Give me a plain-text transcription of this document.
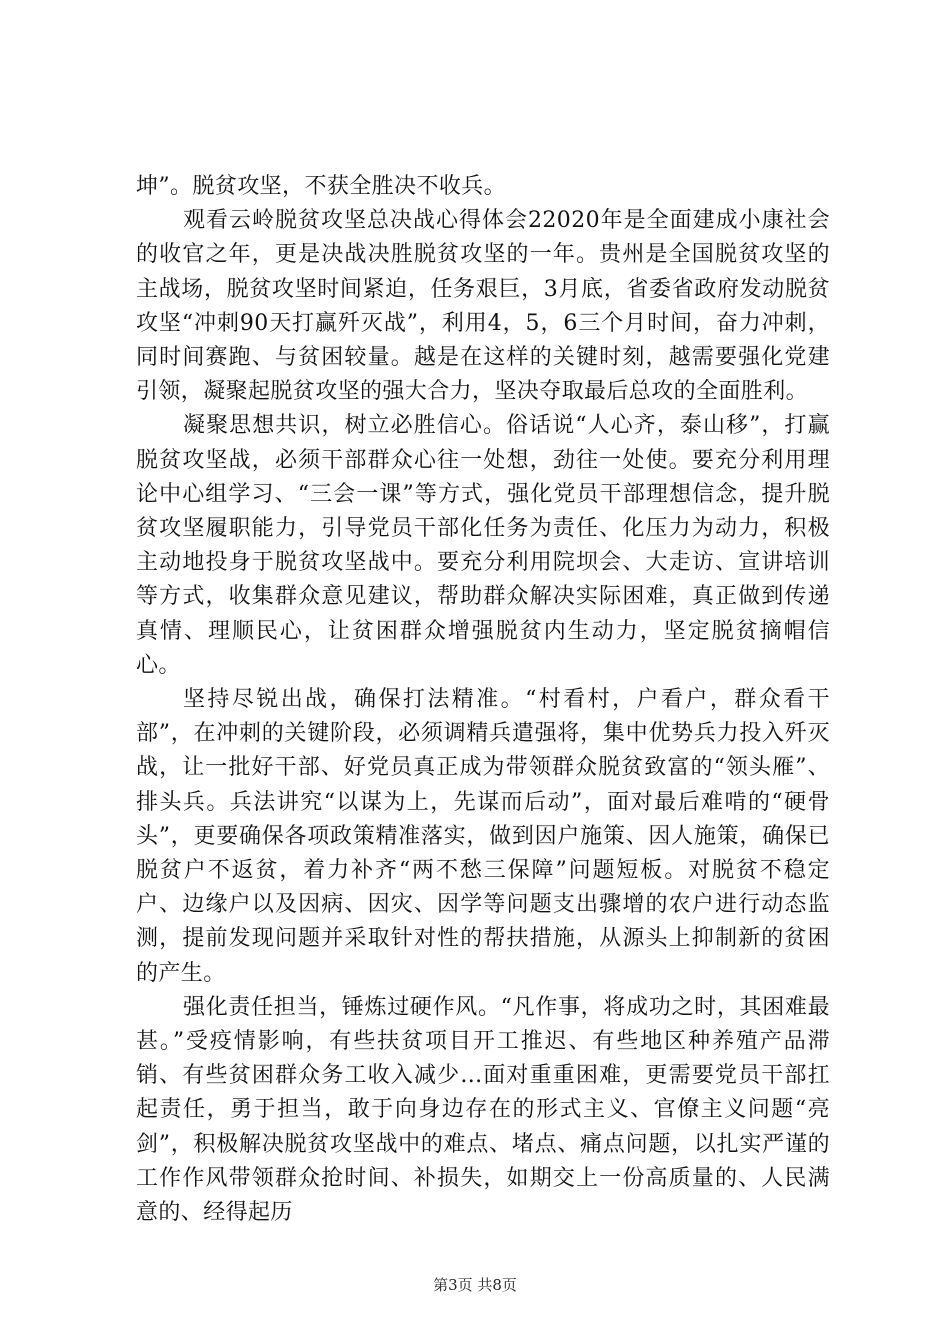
坤”。脱贫攻坚，不获全胜决不收兵。

观看云岭脱贫攻坚总决战心得体会22020年是全面建成小康社会的收官之年，更是决战决胜脱贫攻坚的一年。贵州是全国脱贫攻坚的主战场，脱贫攻坚时间紧迫，任务艰巨，3月底，省委省政府发动脱贫攻坚“冲刺90天打赢歼灭战”，利用4，5，6三个月时间，奋力冲刺，同时间赛跑、与贫困较量。越是在这样的关键时刻，越需要强化党建引领，凝聚起脱贫攻坚的强大合力，坚决夺取最后总攻的全面胜利。

凝聚思想共识，树立必胜信心。俗话说“人心齐，泰山移”，打赢脱贫攻坚战，必须干部群众心往一处想，劲往一处使。要充分利用理论中心组学习、“三会一课”等方式，强化党员干部理想信念，提升脱贫攻坚履职能力，引导党员干部化任务为责任、化压力为动力，积极主动地投身于脱贫攻坚战中。要充分利用院坝会、大走访、宣讲培训等方式，收集群众意见建议，帮助群众解决实际困难，真正做到传递真情、理顺民心，让贫困群众增强脱贫内生动力，坚定脱贫摘帽信心。

坚持尽锐出战，确保打法精准。“村看村，户看户，群众看干部”，在冲刺的关键阶段，必须调精兵遣强将，集中优势兵力投入歼灭战，让一批好干部、好党员真正成为带领群众脱贫致富的“领头雁”、排头兵。兵法讲究“以谋为上，先谋而后动”，面对最后难啃的“硬骨头”，更要确保各项政策精准落实，做到因户施策、因人施策，确保已脱贫户不返贫，着力补齐“两不愁三保障”问题短板。对脱贫不稳定户、边缘户以及因病、因灾、因学等问题支出骤增的农户进行动态监测，提前发现问题并采取针对性的帮扶措施，从源头上抑制新的贫困的产生。

强化责任担当，锤炼过硬作风。“凡作事，将成功之时，其困难最甚。”受疫情影响，有些扶贫项目开工推迟、有些地区种养殖产品滞销、有些贫困群众务工收入减少...面对重重困难，更需要党员干部扛起责任，勇于担当，敢于向身边存在的形式主义、官僚主义问题“亮剑”，积极解决脱贫攻坚战中的难点、堵点、痛点问题，以扎实严谨的工作作风带领群众抢时间、补损失，如期交上一份高质量的、人民满意的、经得起历

第3页 共8页
